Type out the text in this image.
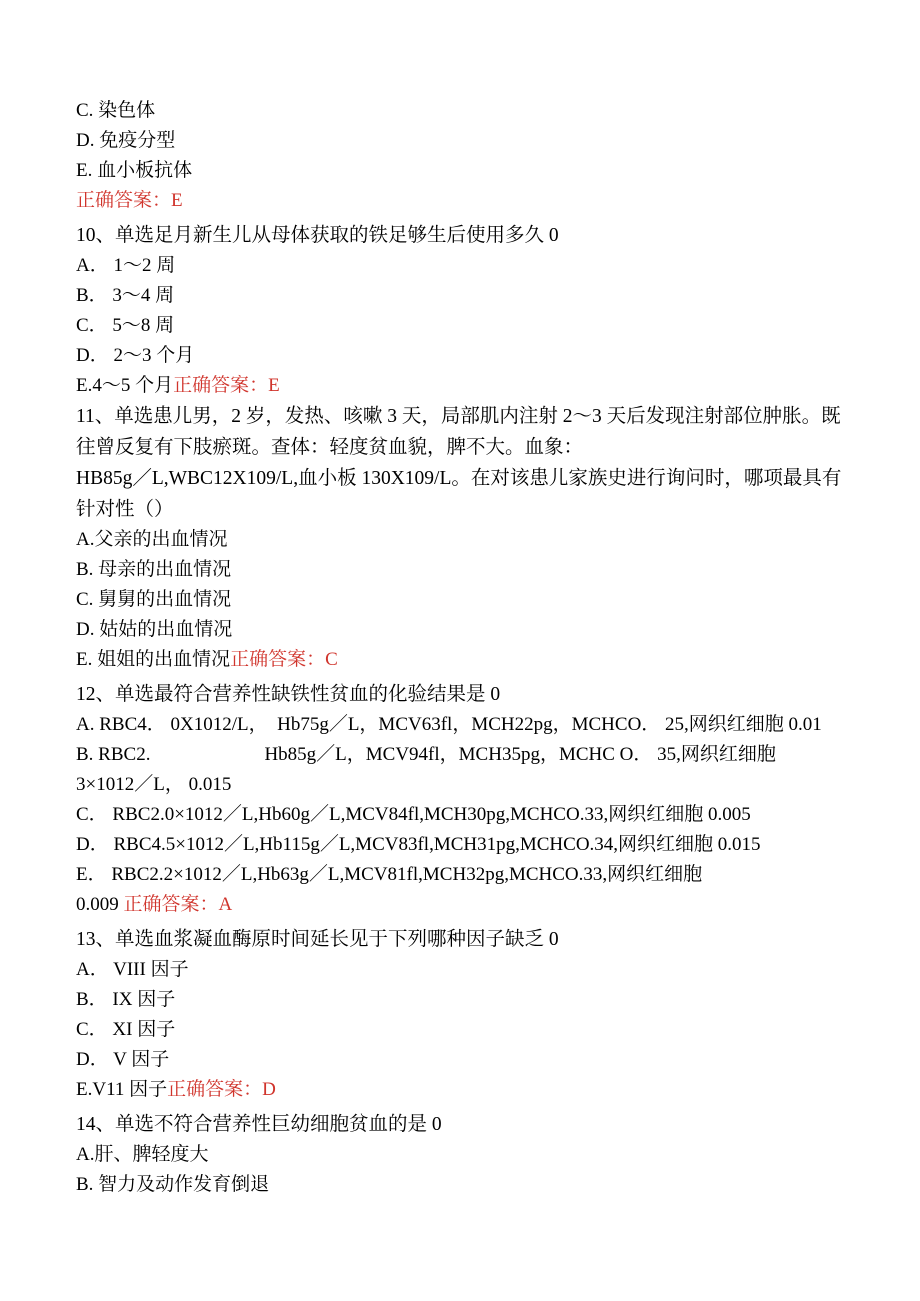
C. 染色体
D. 免疫分型
E. 血小板抗体
正确答案：E
10、单选足月新生儿从母体获取的铁足够生后使用多久 0
A． 1～2 周
B． 3～4 周
C． 5～8 周
D． 2～3 个月
E.4～5 个月正确答案：E
11、单选患儿男，2 岁，发热、咳嗽 3 天，局部肌内注射 2～3 天后发现注射部位肿胀。既往曾反复有下肢瘀斑。查体：轻度贫血貌，脾不大。血象：
HB85g／L,WBC12X109/L,血小板 130X109/L。在对该患儿家族史进行询问时，哪项最具有针对性（）
A.父亲的出血情况
B. 母亲的出血情况
C. 舅舅的出血情况
D. 姑姑的出血情况
E. 姐姐的出血情况正确答案：C
12、单选最符合营养性缺铁性贫血的化验结果是 0
A. RBC4． 0X1012/L，　Hb75g／L，MCV63fl，MCH22pg，MCHCO． 25,网织红细胞 0.01
B. RBC2.　　　　　　Hb85g／L，MCV94fl，MCH35pg，MCHC O． 35,网织红细胞
3×1012／L， 0.015
C． RBC2.0×1012／L,Hb60g／L,MCV84fl,MCH30pg,MCHCO.33,网织红细胞 0.005
D． RBC4.5×1012／L,Hb115g／L,MCV83fl,MCH31pg,MCHCO.34,网织红细胞 0.015
E． RBC2.2×1012／L,Hb63g／L,MCV81fl,MCH32pg,MCHCO.33,网织红细胞
0.009 正确答案：A
13、单选血浆凝血酶原时间延长见于下列哪种因子缺乏 0
A． VIII 因子
B． IX 因子
C． XI 因子
D． V 因子
E.V11 因子正确答案：D
14、单选不符合营养性巨幼细胞贫血的是 0
A.肝、脾轻度大
B. 智力及动作发育倒退
